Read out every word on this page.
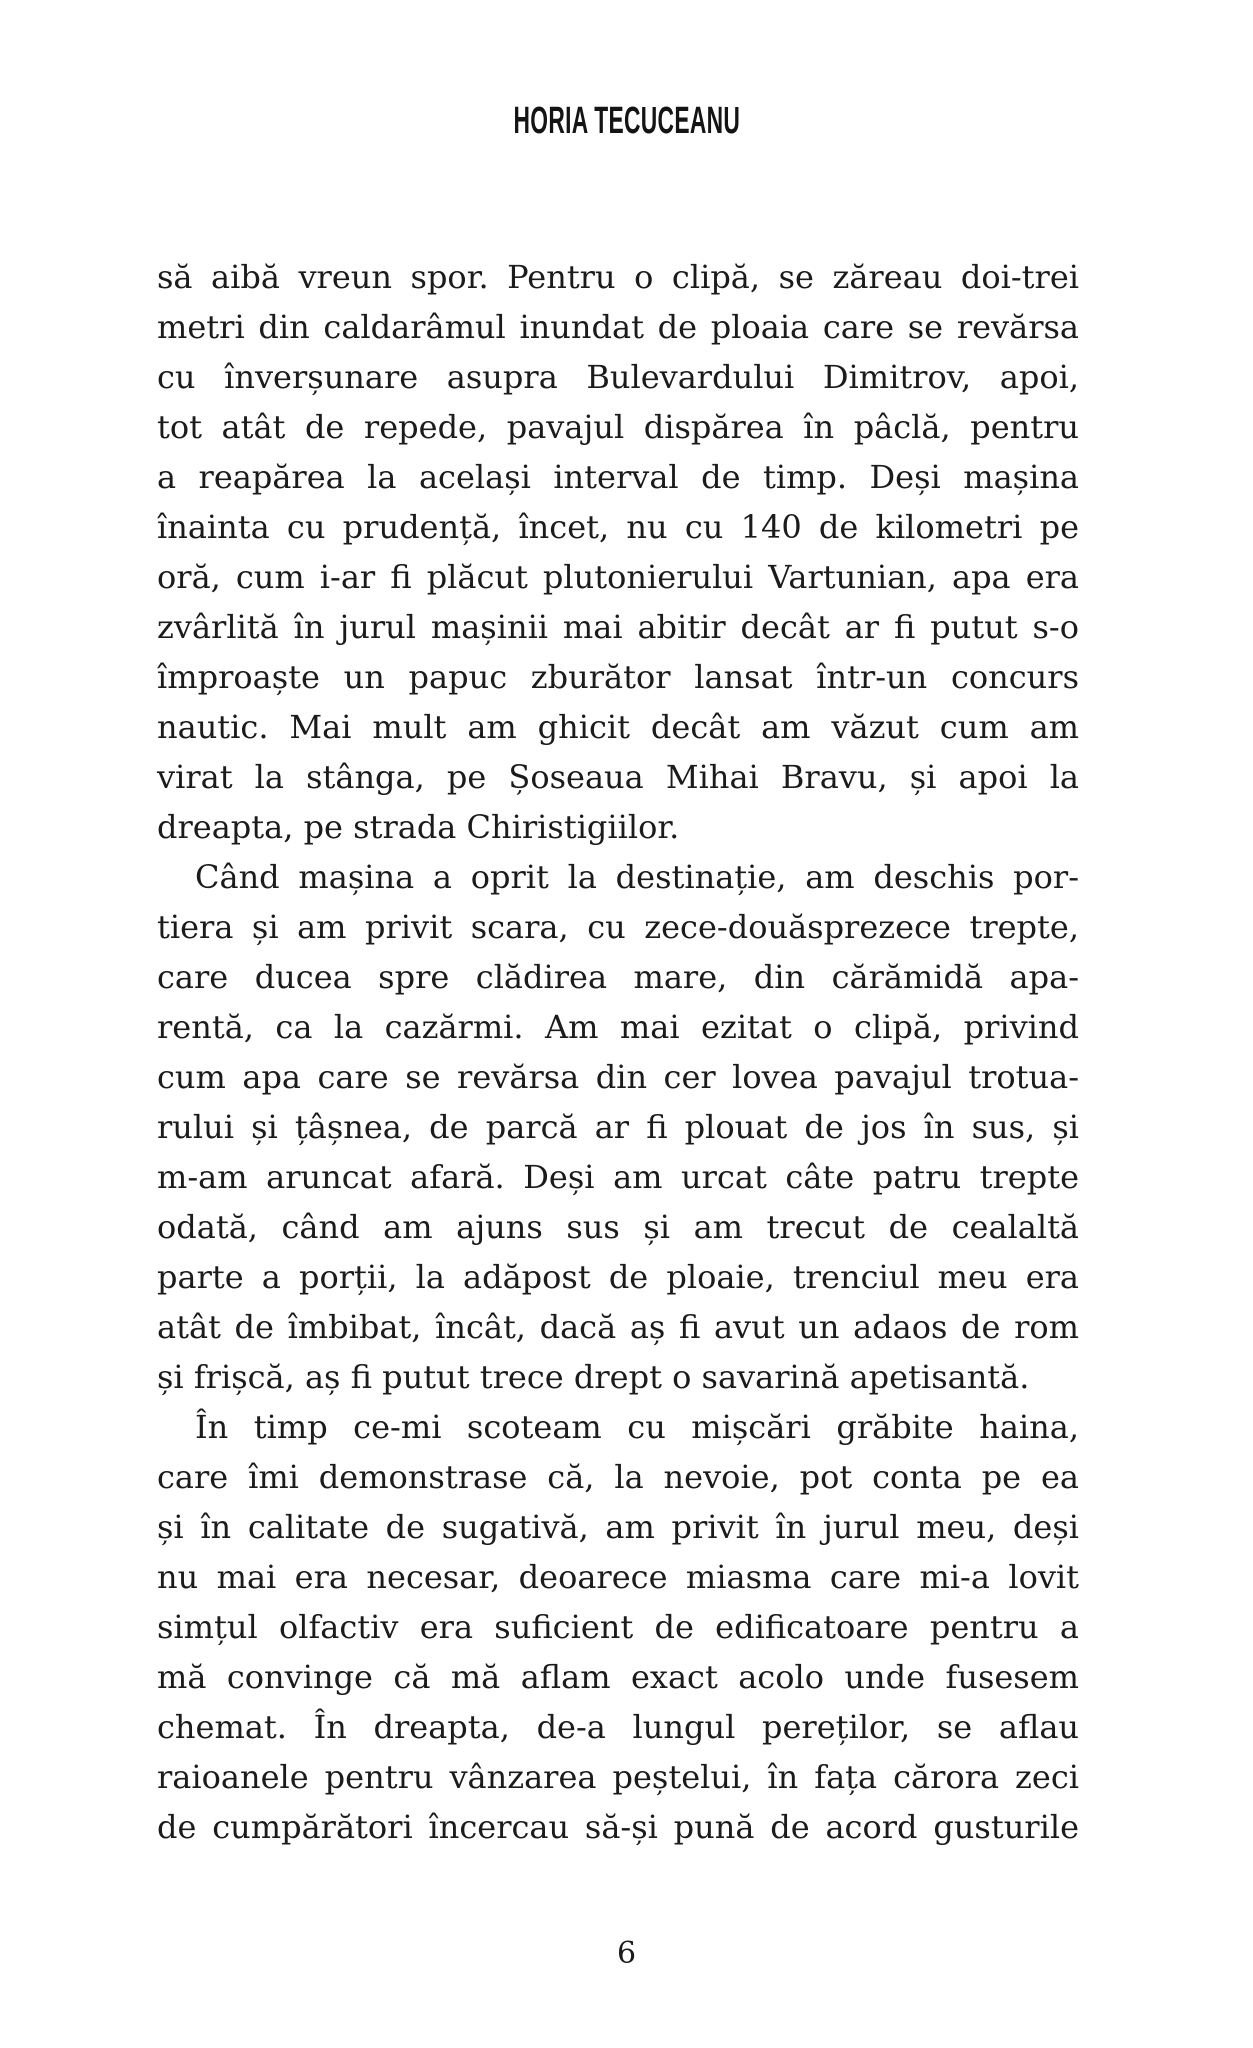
HORIA TECUCEANU
să aibă vreun spor. Pentru o clipă, se zăreau doi-trei
metri din caldarâmul inundat de ploaia care se revărsa
cu înverșunare asupra Bulevardului Dimitrov, apoi,
tot atât de repede, pavajul dispărea în pâclă, pentru
a reapărea la același interval de timp. Deși mașina
înainta cu prudență, încet, nu cu 140 de kilometri pe
oră, cum i-ar fi plăcut plutonierului Vartunian, apa era
zvârlită în jurul mașinii mai abitir decât ar fi putut s-o
împroaște un papuc zburător lansat într-un concurs
nautic. Mai mult am ghicit decât am văzut cum am
virat la stânga, pe Șoseaua Mihai Bravu, și apoi la
dreapta, pe strada Chiristigiilor.
Când mașina a oprit la destinație, am deschis por-
tiera și am privit scara, cu zece-douăsprezece trepte,
care ducea spre clădirea mare, din cărămidă apa-
rentă, ca la cazărmi. Am mai ezitat o clipă, privind
cum apa care se revărsa din cer lovea pavajul trotua-
rului și țâșnea, de parcă ar fi plouat de jos în sus, și
m-am aruncat afară. Deși am urcat câte patru trepte
odată, când am ajuns sus și am trecut de cealaltă
parte a porții, la adăpost de ploaie, trenciul meu era
atât de îmbibat, încât, dacă aș fi avut un adaos de rom
și frișcă, aș fi putut trece drept o savarină apetisantă.
În timp ce-mi scoteam cu mișcări grăbite haina,
care îmi demonstrase că, la nevoie, pot conta pe ea
și în calitate de sugativă, am privit în jurul meu, deși
nu mai era necesar, deoarece miasma care mi-a lovit
simțul olfactiv era suficient de edificatoare pentru a
mă convinge că mă aflam exact acolo unde fusesem
chemat. În dreapta, de-a lungul pereților, se aflau
raioanele pentru vânzarea peștelui, în fața cărora zeci
de cumpărători încercau să-și pună de acord gusturile
6
